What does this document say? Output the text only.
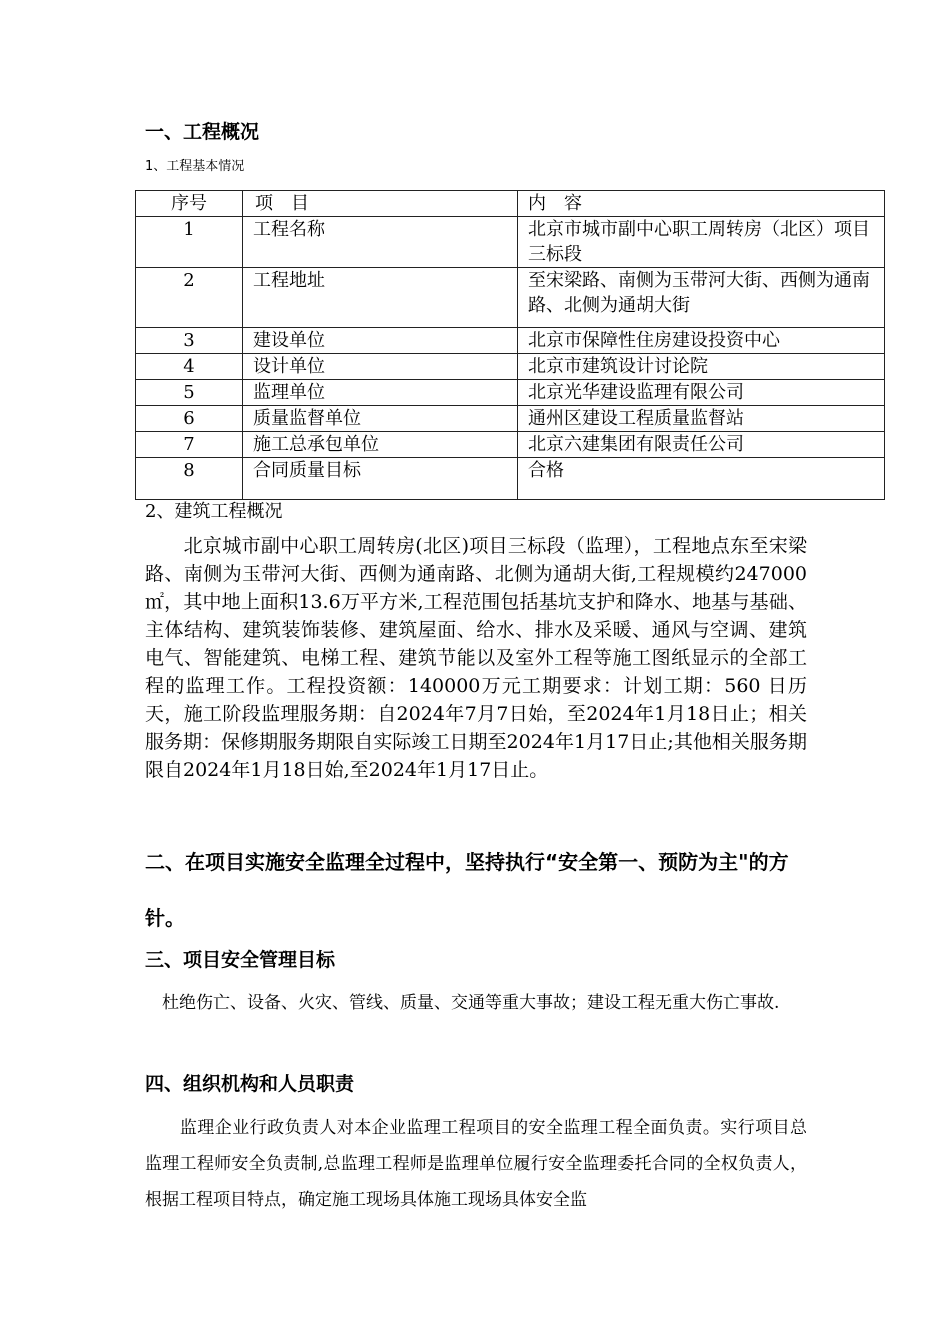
一、工程概况
1、工程基本情况
序号	项　目	内　容
1	工程名称	北京市城市副中心职工周转房（北区）项目三标段
2	工程地址	至宋梁路、南侧为玉带河大街、西侧为通南路、北侧为通胡大街
3	建设单位	北京市保障性住房建设投资中心
4	设计单位	北京市建筑设计讨论院
5	监理单位	北京光华建设监理有限公司
6	质量监督单位	通州区建设工程质量监督站
7	施工总承包单位	北京六建集团有限责任公司
8	合同质量目标	合格
2、建筑工程概况
　　北京城市副中心职工周转房(北区)项目三标段（监理），工程地点东至宋梁路、南侧为玉带河大街、西侧为通南路、北侧为通胡大街,工程规模约247000㎡，其中地上面积13.6万平方米,工程范围包括基坑支护和降水、地基与基础、主体结构、建筑装饰装修、建筑屋面、给水、排水及采暖、通风与空调、建筑电气、智能建筑、电梯工程、建筑节能以及室外工程等施工图纸显示的全部工程的监理工作。工程投资额：140000万元工期要求：计划工期：560 日历天，施工阶段监理服务期：自2024年7月7日始，至2024年1月18日止；相关服务期：保修期服务期限自实际竣工日期至2024年1月17日止;其他相关服务期限自2024年1月18日始,至2024年1月17日止。
二、在项目实施安全监理全过程中，坚持执行“安全第一、预防为主"的方针。
三、项目安全管理目标
　杜绝伤亡、设备、火灾、管线、质量、交通等重大事故；建设工程无重大伤亡事故.
四、组织机构和人员职责
　　监理企业行政负责人对本企业监理工程项目的安全监理工程全面负责。实行项目总监理工程师安全负责制,总监理工程师是监理单位履行安全监理委托合同的全权负责人，根据工程项目特点，确定施工现场具体施工现场具体安全监
